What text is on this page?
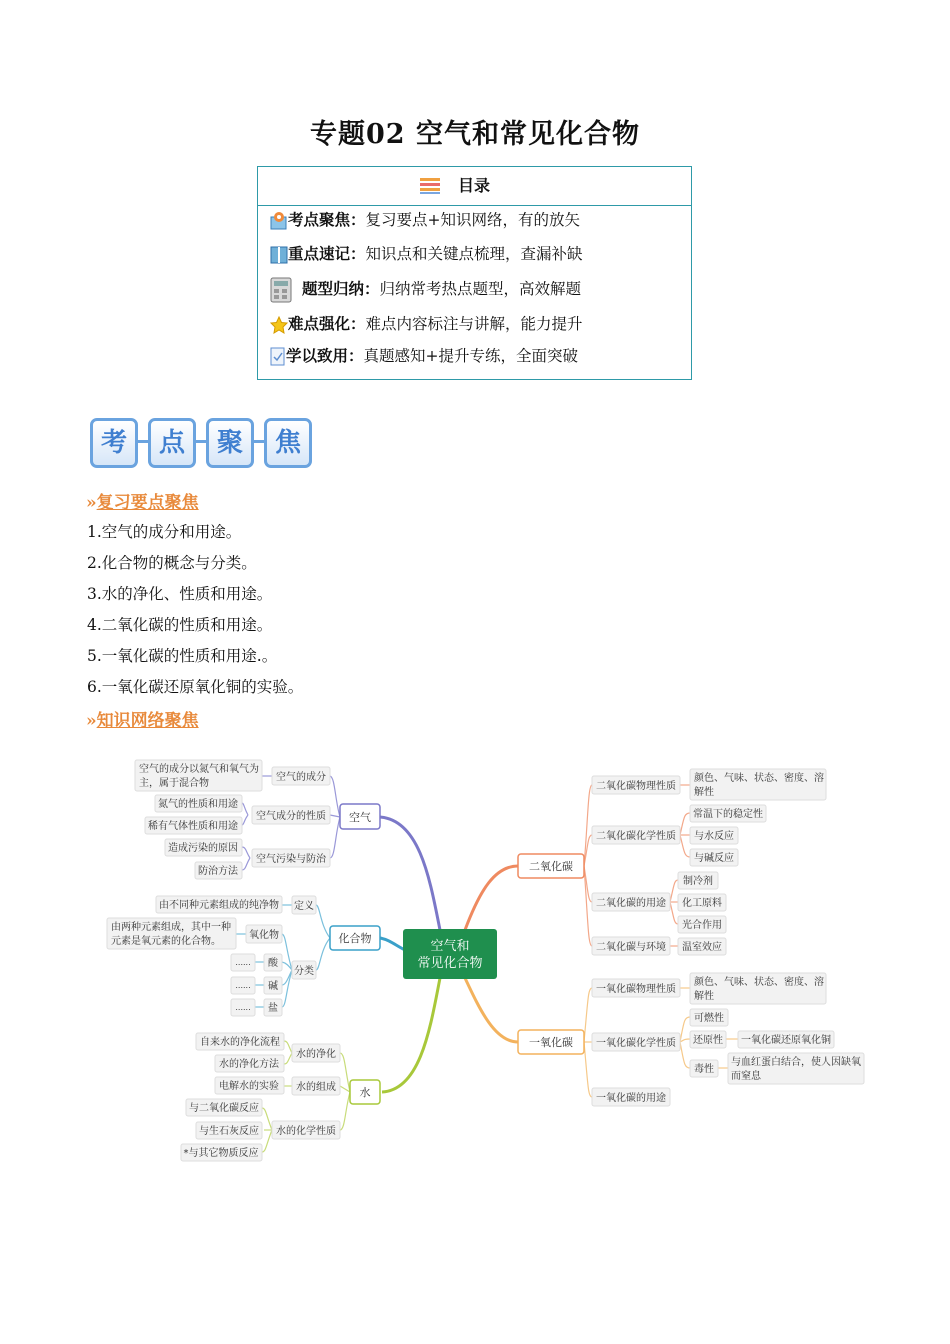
专题02 空气和常见化合物
目录
考点聚焦：复习要点+知识网络，有的放矢
重点速记：知识点和关键点梳理，查漏补缺
题型归纳：归纳常考热点题型，高效解题
难点强化：难点内容标注与讲解，能力提升
学以致用：真题感知+提升专练，全面突破
考	点	聚	焦
»复习要点聚焦
1.空气的成分和用途。
2.化合物的概念与分类。
3.水的净化、性质和用途。
4.二氧化碳的性质和用途。
5.一氧化碳的性质和用途.。
6.一氧化碳还原氧化铜的实验。
»知识网络聚焦
空气和
常见化合物
空气
空气的成分
空气的成分以氮气和氧气为
主，属于混合物
空气成分的性质
氮气的性质和用途
稀有气体性质和用途
空气污染与防治
造成污染的原因
防治方法
化合物
定义
由不同种元素组成的纯净物
分类
氧化物
由两种元素组成，其中一种
元素是氧元素的化合物。
酸
碱
盐
......
......
......
水
水的净化
自来水的净化流程
水的净化方法
水的组成
电解水的实验
水的化学性质
与二氧化碳反应
与生石灰反应
*与其它物质反应
二氧化碳
二氧化碳物理性质
颜色、气味、状态、密度、溶
解性
二氧化碳化学性质
常温下的稳定性
与水反应
与碱反应
二氧化碳的用途
制冷剂
化工原料
光合作用
二氧化碳与环境 温室效应
一氧化碳
一氧化碳物理性质
颜色、气味、状态、密度、溶
解性
一氧化碳化学性质
可燃性
还原性 一氧化碳还原氧化铜
毒性
与血红蛋白结合，使人因缺氧
而窒息
一氧化碳的用途
